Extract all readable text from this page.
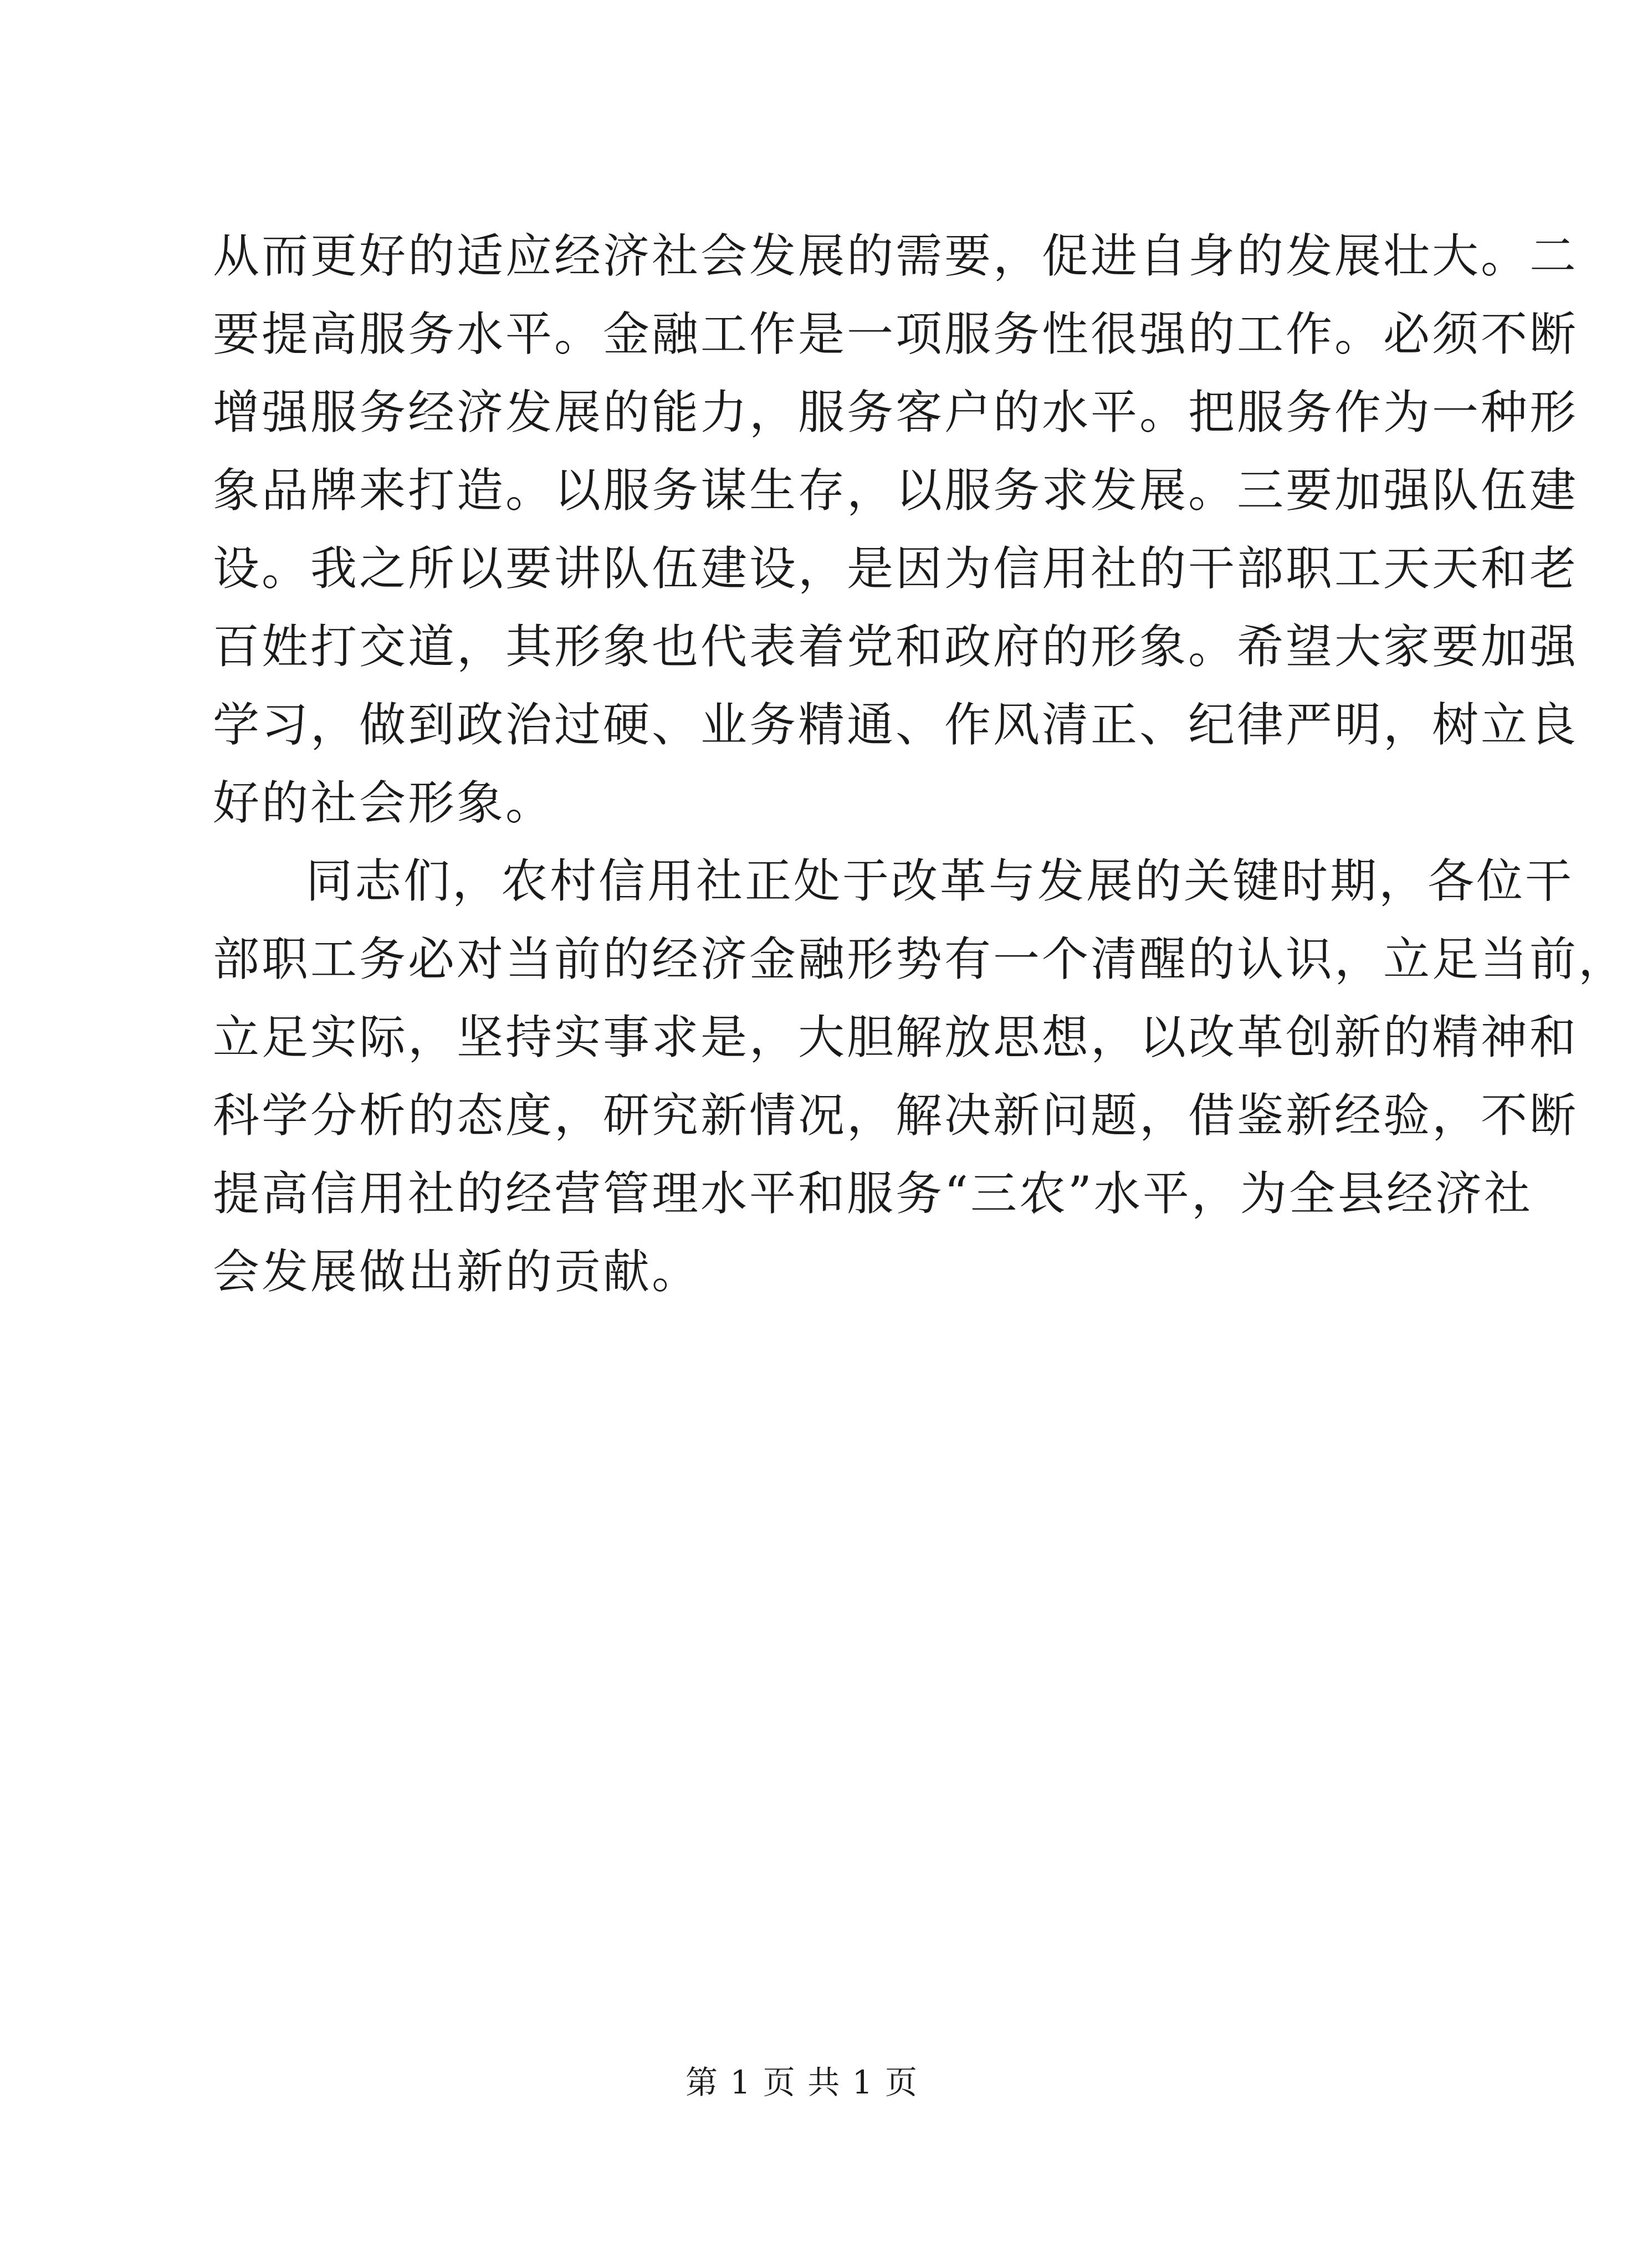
从而更好的适应经济社会发展的需要，促进自身的发展壮大。二
要提高服务水平。金融工作是一项服务性很强的工作。必须不断
增强服务经济发展的能力，服务客户的水平。把服务作为一种形
象品牌来打造。以服务谋生存，以服务求发展。三要加强队伍建
设。我之所以要讲队伍建设，是因为信用社的干部职工天天和老
百姓打交道，其形象也代表着党和政府的形象。希望大家要加强
学习，做到政治过硬、业务精通、作风清正、纪律严明，树立良
好的社会形象。
同志们，农村信用社正处于改革与发展的关键时期，各位干
部职工务必对当前的经济金融形势有一个清醒的认识，立足当前，
立足实际，坚持实事求是，大胆解放思想，以改革创新的精神和
科学分析的态度，研究新情况，解决新问题，借鉴新经验，不断
提高信用社的经营管理水平和服务“三农”水平，为全县经济社
会发展做出新的贡献。
第 1 页 共 1 页
